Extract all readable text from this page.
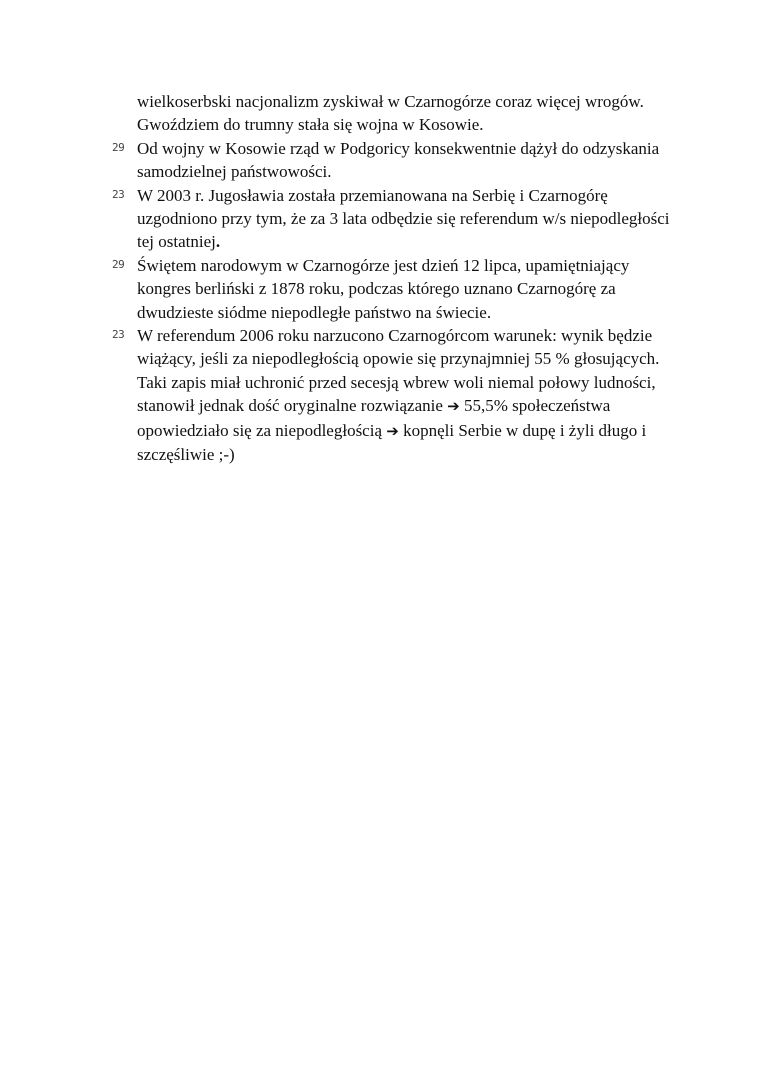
wielkoserbski nacjonalizm zyskiwał w Czarnogórze coraz więcej wrogów. Gwoździem do trumny stała się wojna w Kosowie.

29 Od wojny w Kosowie rząd w Podgoricy konsekwentnie dążył do odzyskania samodzielnej państwowości.

23 W 2003 r. Jugosławia została przemianowana na Serbię i Czarnogórę uzgodniono przy tym, że za 3 lata odbędzie się referendum w/s niepodległości tej ostatniej.

29 Świętem narodowym w Czarnogórze jest dzień 12 lipca, upamiętniający kongres berliński z 1878 roku, podczas którego uznano Czarnogórę za dwudzieste siódme niepodległe państwo na świecie.

23 W referendum 2006 roku narzucono Czarnogórcom warunek: wynik będzie wiążący, jeśli za niepodległością opowie się przynajmniej 55 % głosujących. Taki zapis miał uchronić przed secesją wbrew woli niemal połowy ludności, stanowił jednak dość oryginalne rozwiązanie ➔ 55,5% społeczeństwa opowiedziało się za niepodległością ➔ kopnęli Serbie w dupę i żyli długo i szczęśliwie ;-)
